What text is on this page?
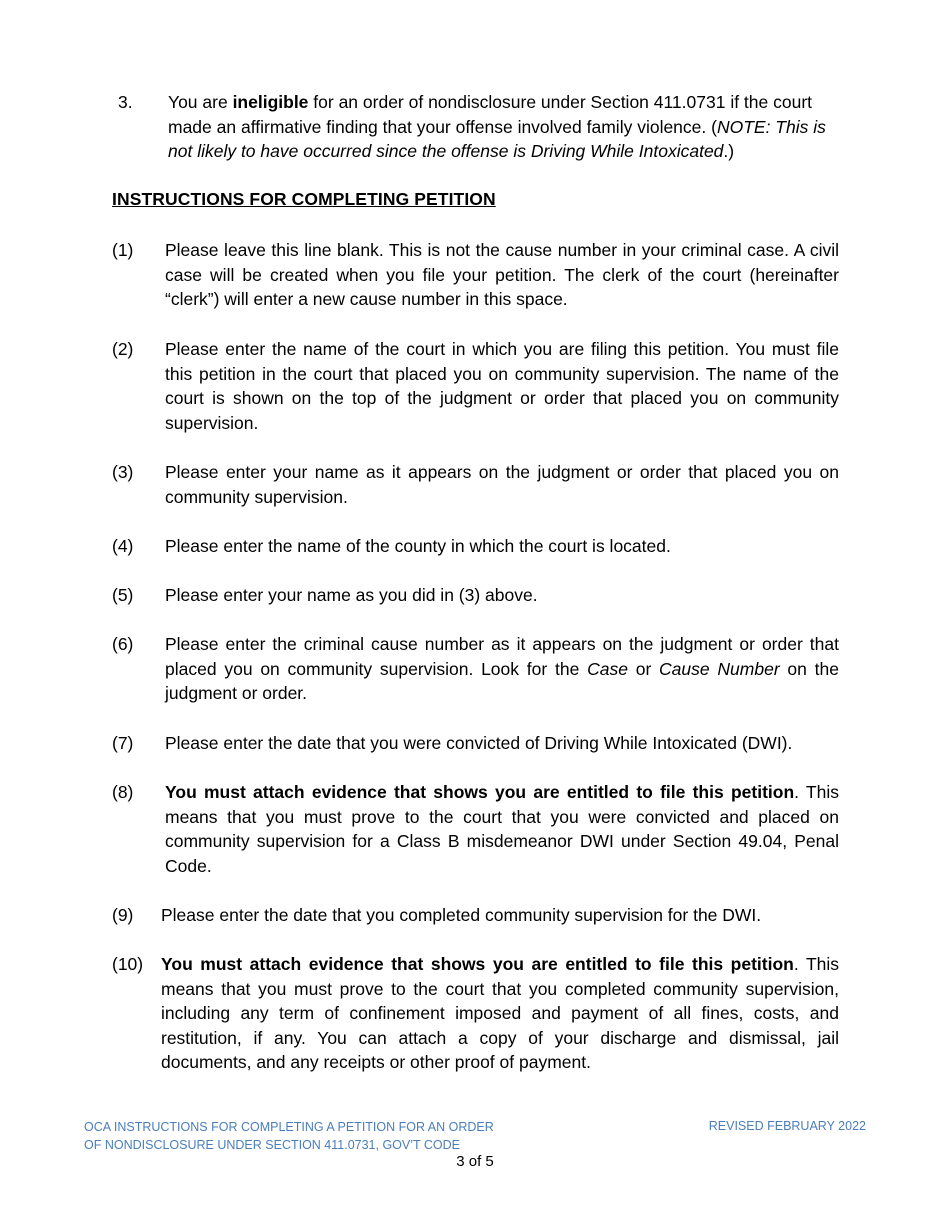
3. You are ineligible for an order of nondisclosure under Section 411.0731 if the court made an affirmative finding that your offense involved family violence. (NOTE: This is not likely to have occurred since the offense is Driving While Intoxicated.)
INSTRUCTIONS FOR COMPLETING PETITION
(1) Please leave this line blank. This is not the cause number in your criminal case. A civil case will be created when you file your petition. The clerk of the court (hereinafter “clerk”) will enter a new cause number in this space.
(2) Please enter the name of the court in which you are filing this petition. You must file this petition in the court that placed you on community supervision. The name of the court is shown on the top of the judgment or order that placed you on community supervision.
(3) Please enter your name as it appears on the judgment or order that placed you on community supervision.
(4) Please enter the name of the county in which the court is located.
(5) Please enter your name as you did in (3) above.
(6) Please enter the criminal cause number as it appears on the judgment or order that placed you on community supervision. Look for the Case or Cause Number on the judgment or order.
(7) Please enter the date that you were convicted of Driving While Intoxicated (DWI).
(8) You must attach evidence that shows you are entitled to file this petition. This means that you must prove to the court that you were convicted and placed on community supervision for a Class B misdemeanor DWI under Section 49.04, Penal Code.
(9) Please enter the date that you completed community supervision for the DWI.
(10) You must attach evidence that shows you are entitled to file this petition. This means that you must prove to the court that you completed community supervision, including any term of confinement imposed and payment of all fines, costs, and restitution, if any. You can attach a copy of your discharge and dismissal, jail documents, and any receipts or other proof of payment.
OCA INSTRUCTIONS FOR COMPLETING A PETITION FOR AN ORDER
OF NONDISCLOSURE UNDER SECTION 411.0731, GOV’T CODE
REVISED FEBRUARY 2022
3 of 5
